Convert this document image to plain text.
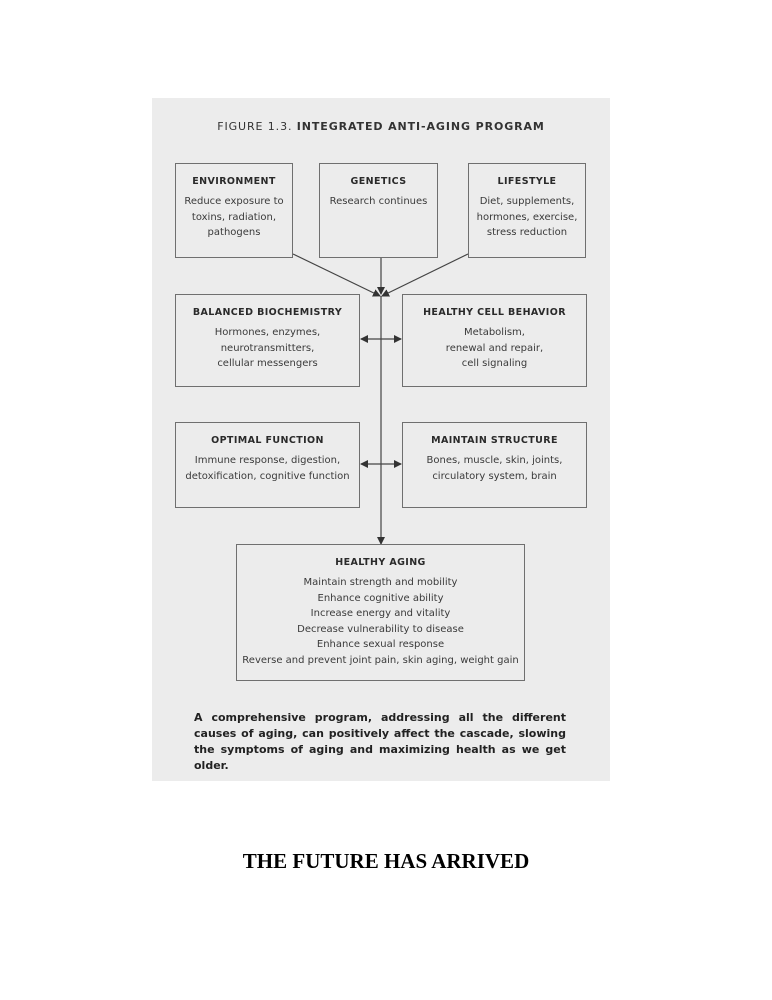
FIGURE 1.3. INTEGRATED ANTI-AGING PROGRAM
ENVIRONMENT
Reduce exposure to
toxins, radiation,
pathogens
GENETICS
Research continues
LIFESTYLE
Diet, supplements,
hormones, exercise,
stress reduction
BALANCED BIOCHEMISTRY
Hormones, enzymes,
neurotransmitters,
cellular messengers
HEALTHY CELL BEHAVIOR
Metabolism,
renewal and repair,
cell signaling
OPTIMAL FUNCTION
Immune response, digestion,
detoxification, cognitive function
MAINTAIN STRUCTURE
Bones, muscle, skin, joints,
circulatory system, brain
HEALTHY AGING
Maintain strength and mobility
Enhance cognitive ability
Increase energy and vitality
Decrease vulnerability to disease
Enhance sexual response
Reverse and prevent joint pain, skin aging, weight gain
A comprehensive program, addressing all the different causes of aging, can positively affect the cascade, slowing the symptoms of aging and maximizing health as we get older.
THE FUTURE HAS ARRIVED
